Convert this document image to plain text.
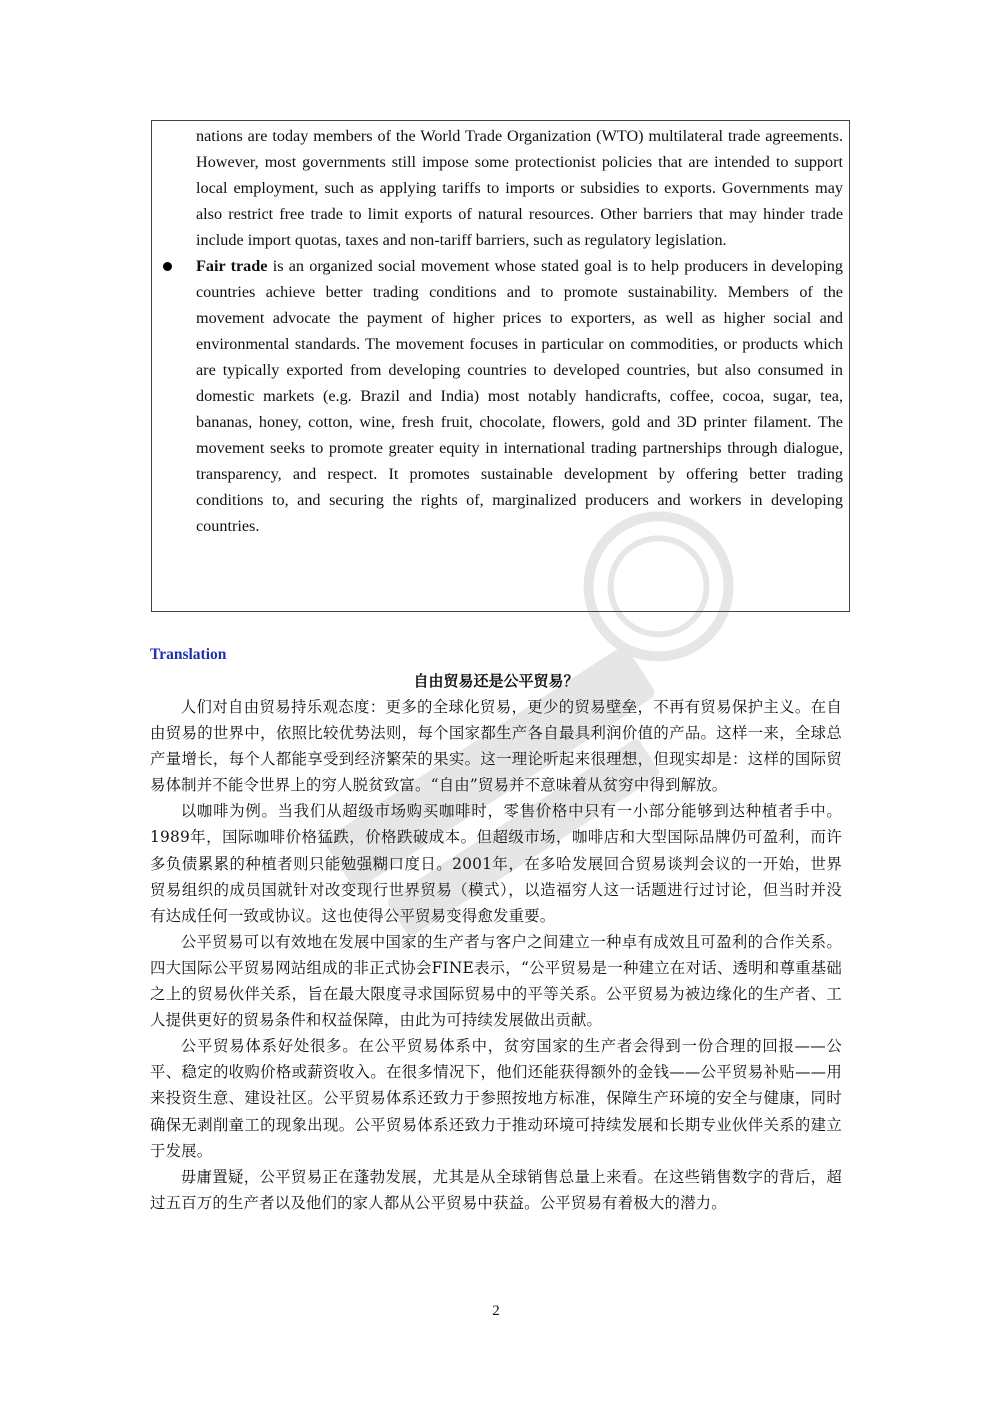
nations are today members of the World Trade Organization (WTO) multilateral trade agreements. However, most governments still impose some protectionist policies that are intended to support local employment, such as applying tariffs to imports or subsidies to exports. Governments may also restrict free trade to limit exports of natural resources. Other barriers that may hinder trade include import quotas, taxes and non-tariff barriers, such as regulatory legislation.

Fair trade is an organized social movement whose stated goal is to help producers in developing countries achieve better trading conditions and to promote sustainability. Members of the movement advocate the payment of higher prices to exporters, as well as higher social and environmental standards. The movement focuses in particular on commodities, or products which are typically exported from developing countries to developed countries, but also consumed in domestic markets (e.g. Brazil and India) most notably handicrafts, coffee, cocoa, sugar, tea, bananas, honey, cotton, wine, fresh fruit, chocolate, flowers, gold and 3D printer filament. The movement seeks to promote greater equity in international trading partnerships through dialogue, transparency, and respect. It promotes sustainable development by offering better trading conditions to, and securing the rights of, marginalized producers and workers in developing countries.

Translation
自由贸易还是公平贸易？

人们对自由贸易持乐观态度：更多的全球化贸易，更少的贸易壁垒，不再有贸易保护主义。在自由贸易的世界中，依照比较优势法则，每个国家都生产各自最具利润价值的产品。这样一来，全球总产量增长，每个人都能享受到经济繁荣的果实。这一理论听起来很理想，但现实却是：这样的国际贸易体制并不能令世界上的穷人脱贫致富。“自由”贸易并不意味着从贫穷中得到解放。

以咖啡为例。当我们从超级市场购买咖啡时，零售价格中只有一小部分能够到达种植者手中。1989年，国际咖啡价格猛跌，价格跌破成本。但超级市场，咖啡店和大型国际品牌仍可盈利，而许多负债累累的种植者则只能勉强糊口度日。2001年，在多哈发展回合贸易谈判会议的一开始，世界贸易组织的成员国就针对改变现行世界贸易（模式），以造福穷人这一话题进行过讨论，但当时并没有达成任何一致或协议。这也使得公平贸易变得愈发重要。

公平贸易可以有效地在发展中国家的生产者与客户之间建立一种卓有成效且可盈利的合作关系。四大国际公平贸易网站组成的非正式协会FINE表示，“公平贸易是一种建立在对话、透明和尊重基础之上的贸易伙伴关系，旨在最大限度寻求国际贸易中的平等关系。公平贸易为被边缘化的生产者、工人提供更好的贸易条件和权益保障，由此为可持续发展做出贡献。

公平贸易体系好处很多。在公平贸易体系中，贫穷国家的生产者会得到一份合理的回报——公平、稳定的收购价格或薪资收入。在很多情况下，他们还能获得额外的金钱——公平贸易补贴——用来投资生意、建设社区。公平贸易体系还致力于参照按地方标准，保障生产环境的安全与健康，同时确保无剥削童工的现象出现。公平贸易体系还致力于推动环境可持续发展和长期专业伙伴关系的建立于发展。

毋庸置疑，公平贸易正在蓬勃发展，尤其是从全球销售总量上来看。在这些销售数字的背后，超过五百万的生产者以及他们的家人都从公平贸易中获益。公平贸易有着极大的潜力。

2
